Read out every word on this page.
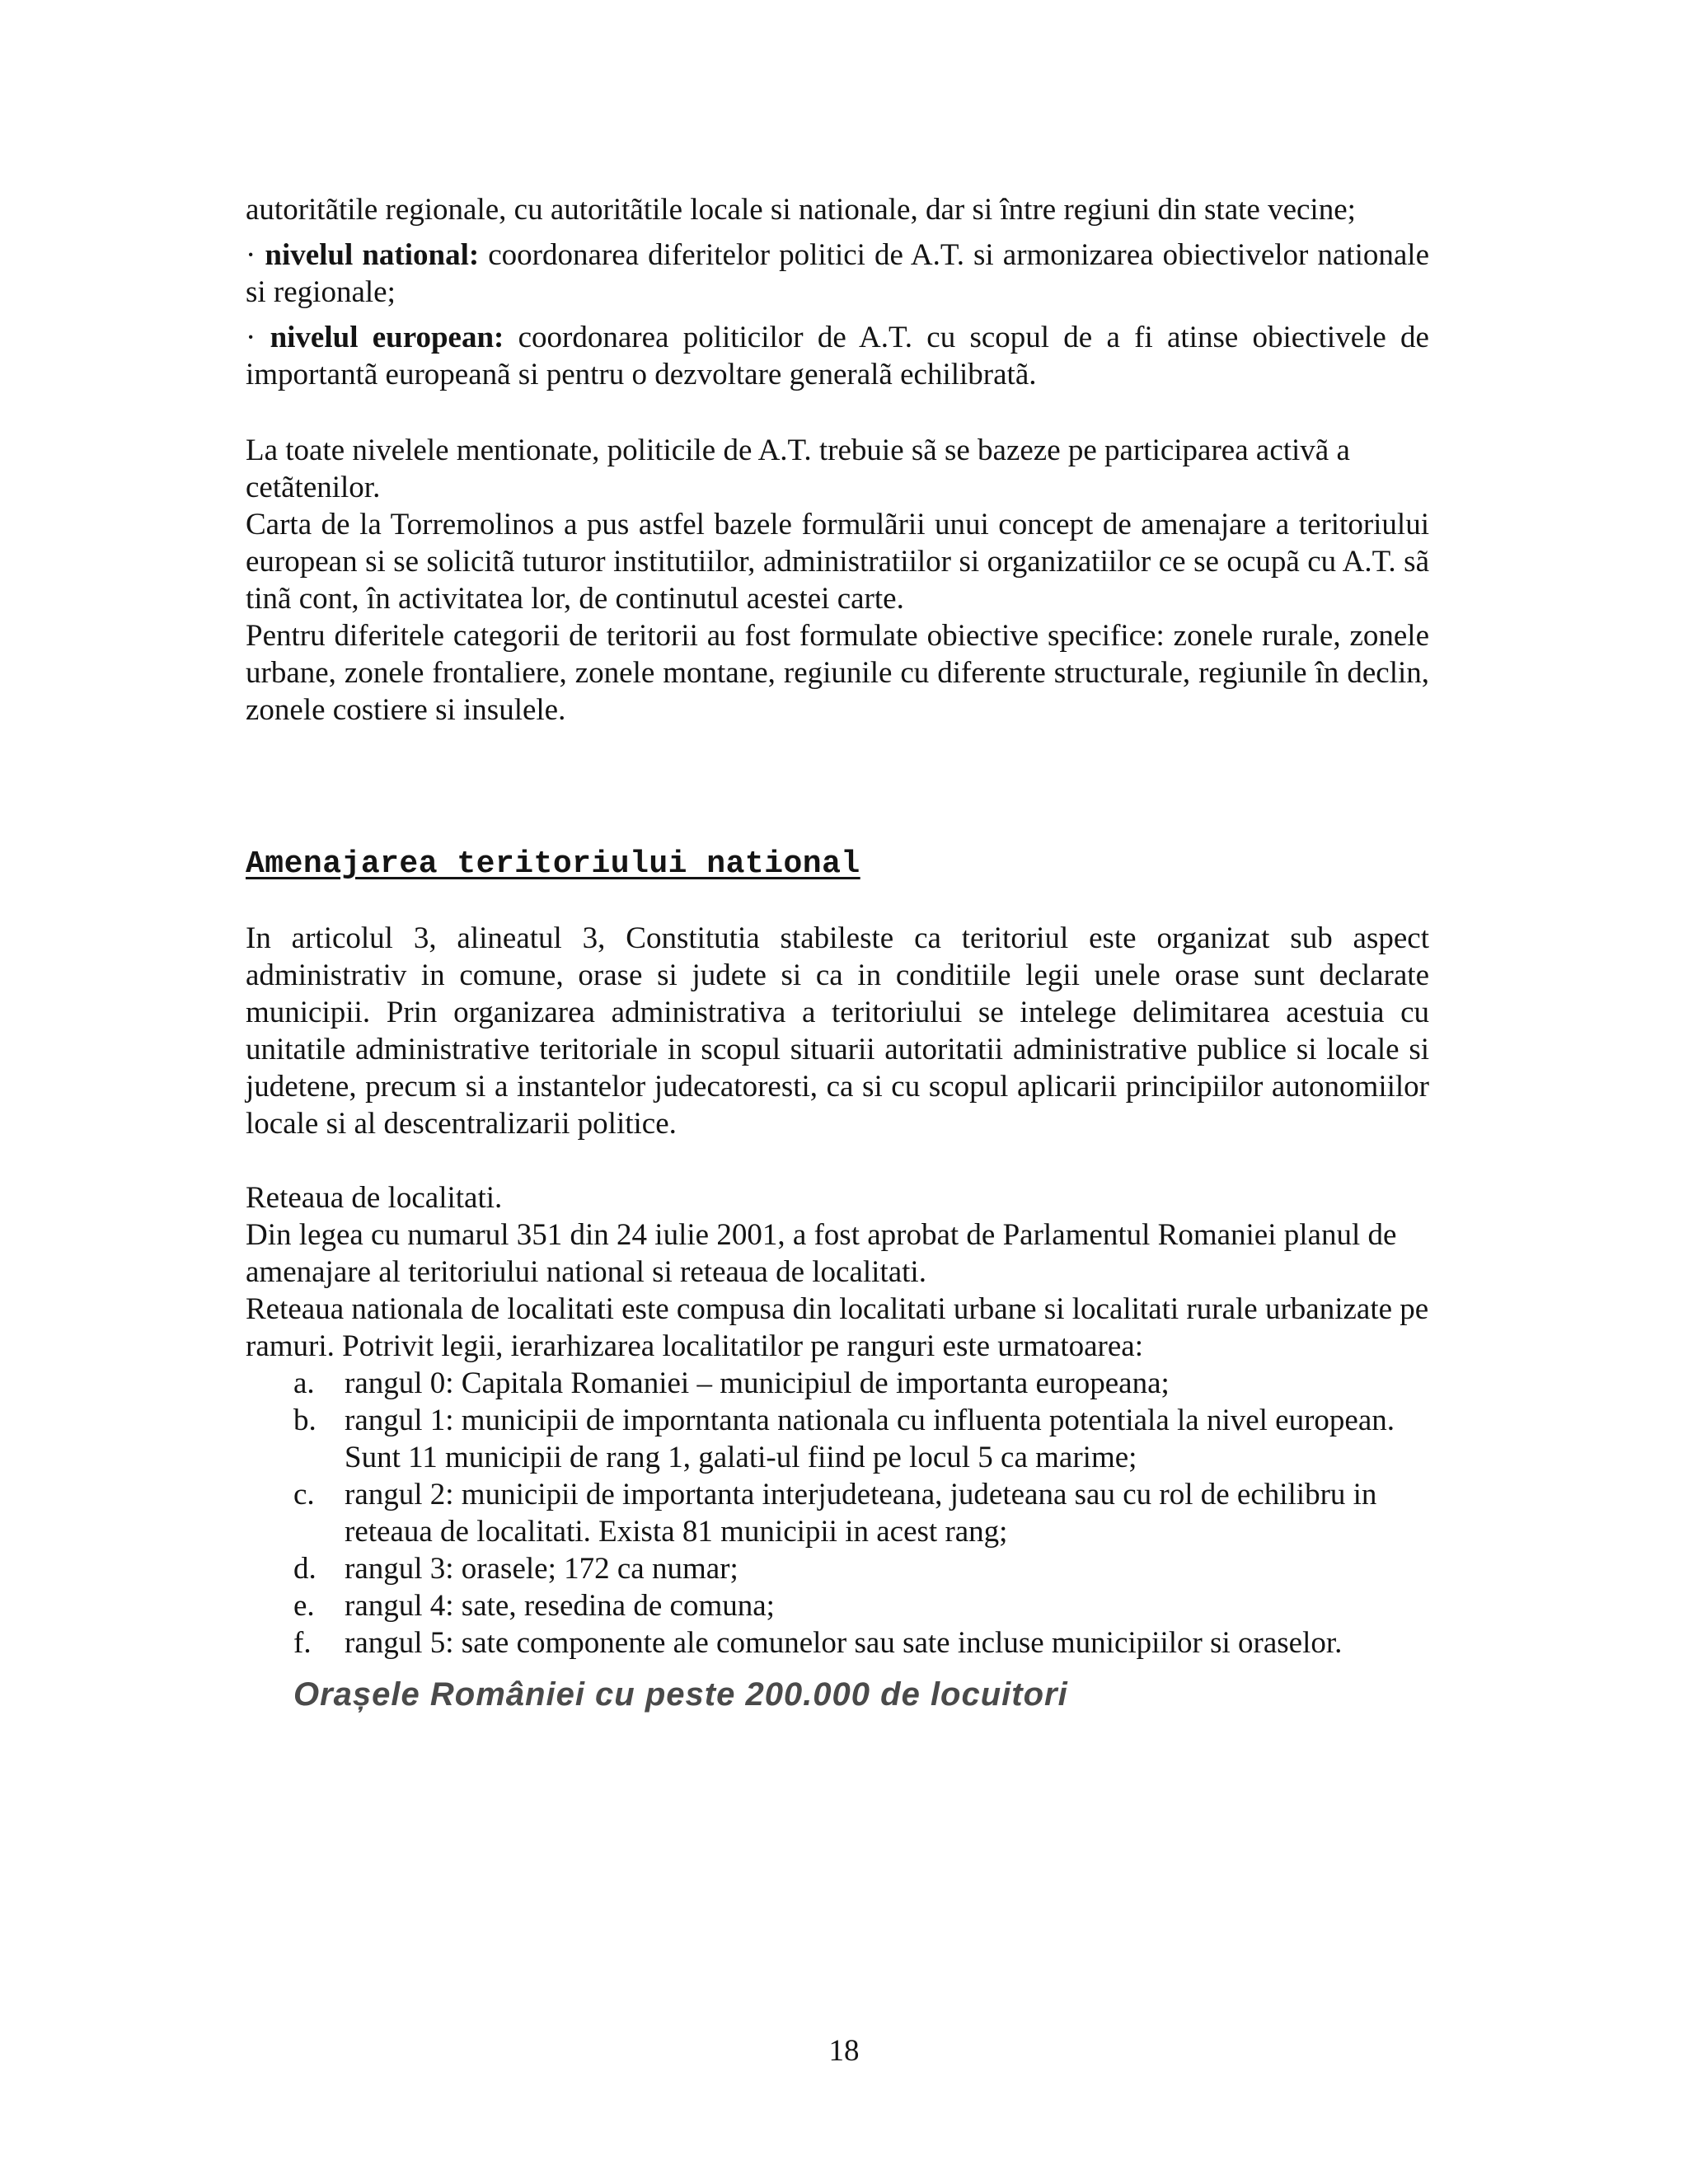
autoritãtile regionale, cu autoritãtile locale si nationale, dar si între regiuni din state vecine;

· nivelul national: coordonarea diferitelor politici de A.T. si armonizarea obiectivelor nationale si regionale;

· nivelul european: coordonarea politicilor de A.T. cu scopul de a fi atinse obiectivele de importantã europeanã si pentru o dezvoltare generalã echilibratã.

La toate nivelele mentionate, politicile de A.T. trebuie sã se bazeze pe participarea activã a cetãtenilor.

Carta de la Torremolinos a pus astfel bazele formulãrii unui concept de amenajare a teritoriului european si se solicitã tuturor institutiilor, administratiilor si organizatiilor ce se ocupã cu A.T. sã tinã cont, în activitatea lor, de continutul acestei carte.

Pentru diferitele categorii de teritorii au fost formulate obiective specifice: zonele rurale, zonele urbane, zonele frontaliere, zonele montane, regiunile cu diferente structurale, regiunile în declin, zonele costiere si insulele.

Amenajarea teritoriului national

In articolul 3, alineatul 3, Constitutia stabileste ca teritoriul este organizat sub aspect administrativ in comune, orase si judete si ca in conditiile legii unele orase sunt declarate municipii. Prin organizarea administrativa a teritoriului se intelege delimitarea acestuia cu unitatile administrative teritoriale in scopul situarii autoritatii administrative publice si locale si judetene, precum si a instantelor judecatoresti, ca si cu scopul aplicarii principiilor autonomiilor locale si al descentralizarii politice.

Reteaua de localitati.

Din legea cu numarul 351 din 24 iulie 2001, a fost aprobat de Parlamentul Romaniei planul de amenajare al teritoriului national si reteaua de localitati.

Reteaua nationala de localitati este compusa din localitati urbane si localitati rurale urbanizate pe ramuri. Potrivit legii, ierarhizarea localitatilor pe ranguri este urmatoarea:

a. rangul 0: Capitala Romaniei – municipiul de importanta europeana;
b. rangul 1: municipii de imporntanta nationala cu influenta potentiala la nivel european. Sunt 11 municipii de rang 1, galati-ul fiind pe locul 5 ca marime;
c. rangul 2: municipii de importanta interjudeteana, judeteana sau cu rol de echilibru in reteaua de localitati. Exista 81 municipii in acest rang;
d. rangul 3: orasele; 172 ca numar;
e. rangul 4: sate, resedina de comuna;
f. rangul 5: sate componente ale comunelor sau sate incluse municipiilor si oraselor.
Orașele României cu peste 200.000 de locuitori
18
